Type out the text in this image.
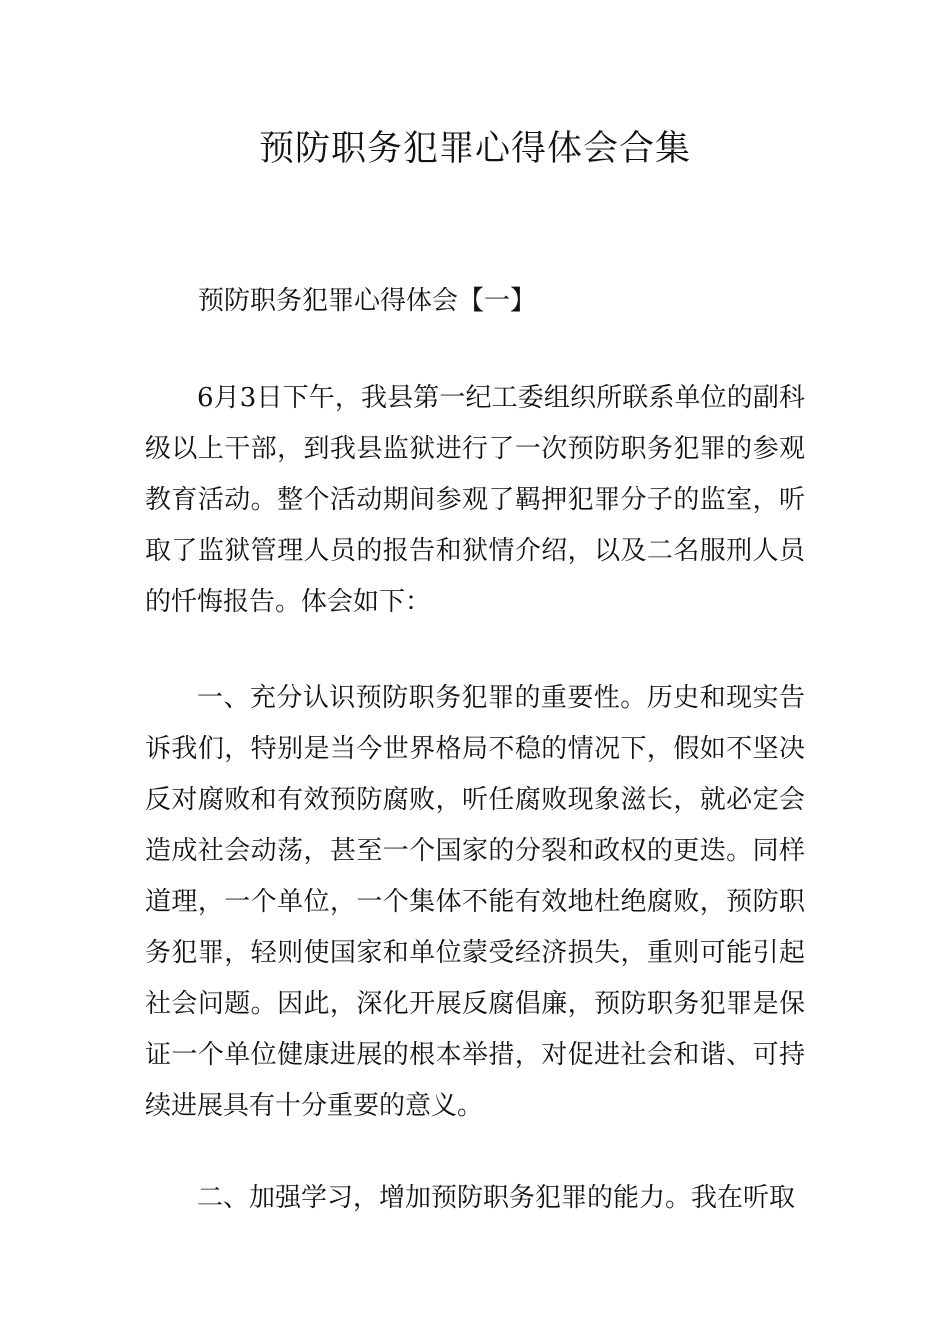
预防职务犯罪心得体会合集
预防职务犯罪心得体会【一】

6月3日下午，我县第一纪工委组织所联系单位的副科级以上干部，到我县监狱进行了一次预防职务犯罪的参观教育活动。整个活动期间参观了羁押犯罪分子的监室，听取了监狱管理人员的报告和狱情介绍，以及二名服刑人员的忏悔报告。体会如下：

一、充分认识预防职务犯罪的重要性。历史和现实告诉我们，特别是当今世界格局不稳的情况下，假如不坚决反对腐败和有效预防腐败，听任腐败现象滋长，就必定会造成社会动荡，甚至一个国家的分裂和政权的更迭。同样道理，一个单位，一个集体不能有效地杜绝腐败，预防职务犯罪，轻则使国家和单位蒙受经济损失，重则可能引起社会问题。因此，深化开展反腐倡廉，预防职务犯罪是保证一个单位健康进展的根本举措，对促进社会和谐、可持续进展具有十分重要的意义。

二、加强学习，增加预防职务犯罪的能力。我在听取
